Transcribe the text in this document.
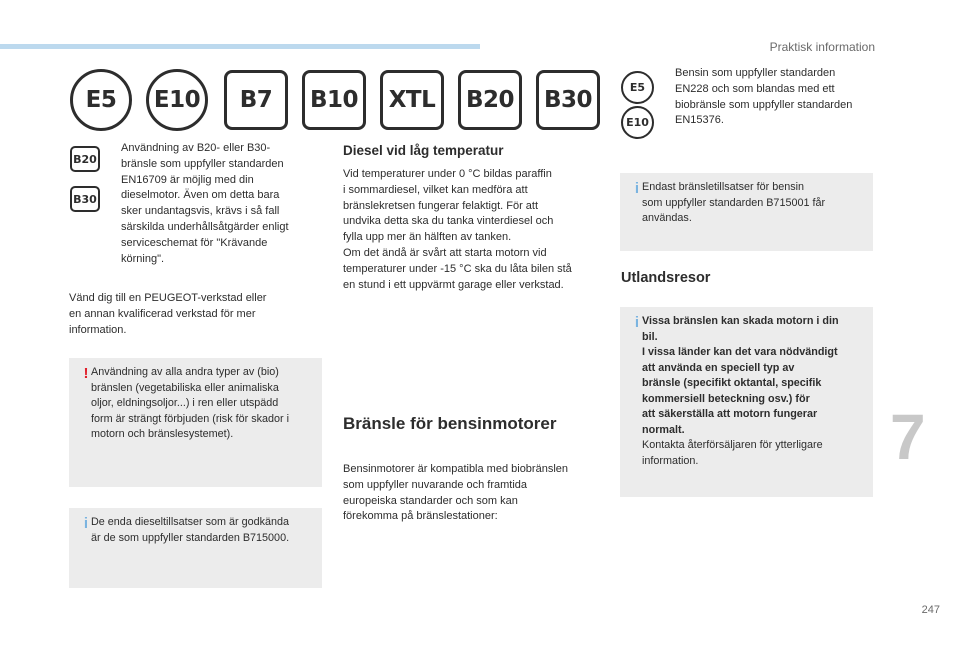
Praktisk information
E5	E10	B7	B10	XTL	B20	B30
B20
B30
Användning av B20- eller B30-
bränsle som uppfyller standarden
EN16709 är möjlig med din
dieselmotor. Även om detta bara
sker undantagsvis, krävs i så fall
särskilda underhållsåtgärder enligt
serviceschemat för "Krävande
körning".
Vänd dig till en PEUGEOT-verkstad eller
en annan kvalificerad verkstad för mer
information.
! Användning av alla andra typer av (bio)
bränslen (vegetabiliska eller animaliska
oljor, eldningsoljor...) i ren eller utspädd
form är strängt förbjuden (risk för skador i
motorn och bränslesystemet).
i De enda dieseltillsatser som är godkända
är de som uppfyller standarden B715000.
Diesel vid låg temperatur
Vid temperaturer under 0 °C bildas paraffin
i sommardiesel, vilket kan medföra att
bränslekretsen fungerar felaktigt. För att
undvika detta ska du tanka vinterdiesel och
fylla upp mer än hälften av tanken.
Om det ändå är svårt att starta motorn vid
temperaturer under -15 °C ska du låta bilen stå
en stund i ett uppvärmt garage eller verkstad.
Bränsle för bensinmotorer
Bensinmotorer är kompatibla med biobränslen
som uppfyller nuvarande och framtida
europeiska standarder och som kan
förekomma på bränslestationer:
E5
E10
Bensin som uppfyller standarden
EN228 och som blandas med ett
biobränsle som uppfyller standarden
EN15376.
i Endast bränsletillsatser för bensin
som uppfyller standarden B715001 får
användas.
Utlandsresor
i Vissa bränslen kan skada motorn i din
bil.
I vissa länder kan det vara nödvändigt
att använda en speciell typ av
bränsle (specifikt oktantal, specifik
kommersiell beteckning osv.) för
att säkerställa att motorn fungerar
normalt.
Kontakta återförsäljaren för ytterligare
information.	7
247
